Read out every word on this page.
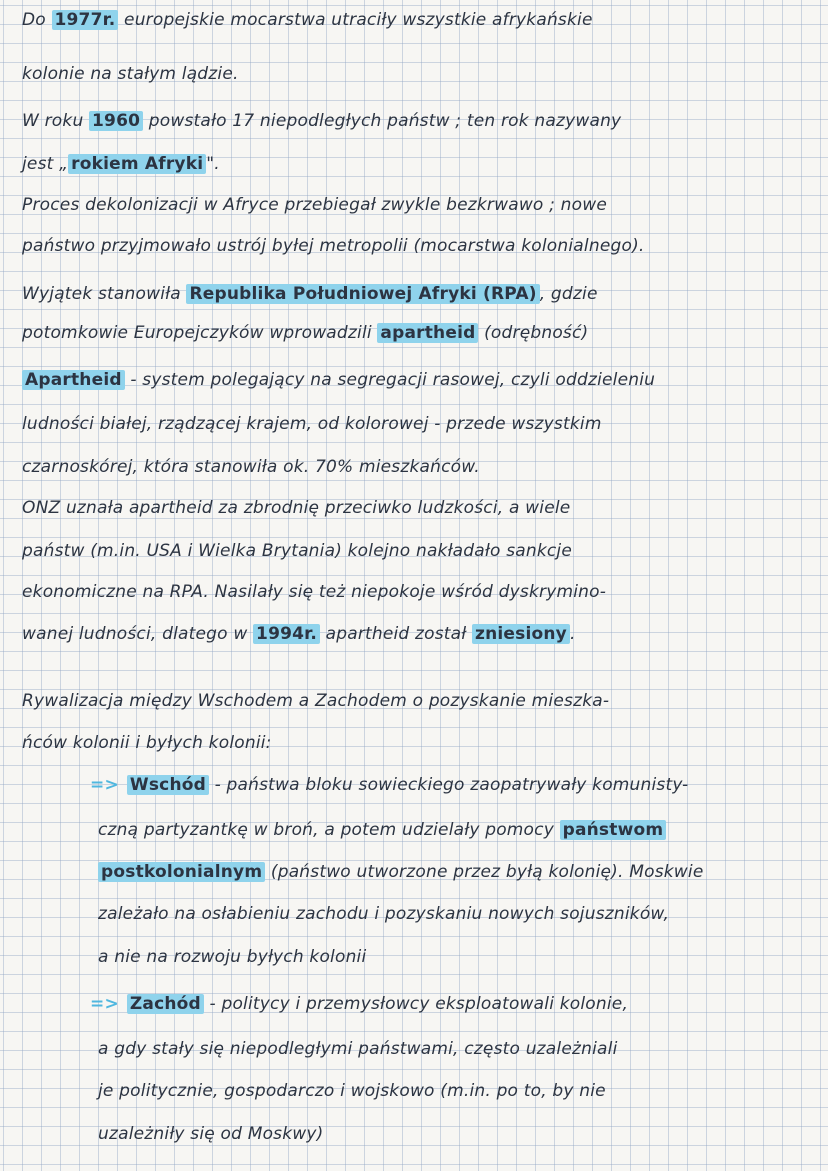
Do 1977r. europejskie mocarstwa utraciły wszystkie afrykańskie
kolonie na stałym lądzie.
W roku 1960 powstało 17 niepodległych państw ; ten rok nazywany
jest „ rokiem Afryki ".
Proces dekolonizacji w Afryce przebiegał zwykle bezkrwawo ; nowe
państwo przyjmowało ustrój byłej metropolii (mocarstwa kolonialnego).
Wyjątek stanowiła Republika Południowej Afryki (RPA) , gdzie
potomkowie Europejczyków wprowadzili apartheid (odrębność)
Apartheid - system polegający na segregacji rasowej, czyli oddzieleniu
ludności białej, rządzącej krajem, od kolorowej - przede wszystkim
czarnoskórej, która stanowiła ok. 70% mieszkańców.
ONZ uznała apartheid za zbrodnię przeciwko ludzkości, a wiele
państw (m.in. USA i Wielka Brytania) kolejno nakładało sankcje
ekonomiczne na RPA. Nasilały się też niepokoje wśród dyskrymino-
wanej ludności, dlatego w 1994r. apartheid został zniesiony .
Rywalizacja między Wschodem a Zachodem o pozyskanie mieszka-
ńców kolonii i byłych kolonii:
=> Wschód - państwa bloku sowieckiego zaopatrywały komunisty-
czną partyzantkę w broń, a potem udzielały pomocy państwom
postkolonialnym (państwo utworzone przez byłą kolonię). Moskwie
zależało na osłabieniu zachodu i pozyskaniu nowych sojuszników,
a nie na rozwoju byłych kolonii
=> Zachód - politycy i przemysłowcy eksploatowali kolonie,
a gdy stały się niepodległymi państwami, często uzależniali
je politycznie, gospodarczo i wojskowo (m.in. po to, by nie
uzależniły się od Moskwy)
